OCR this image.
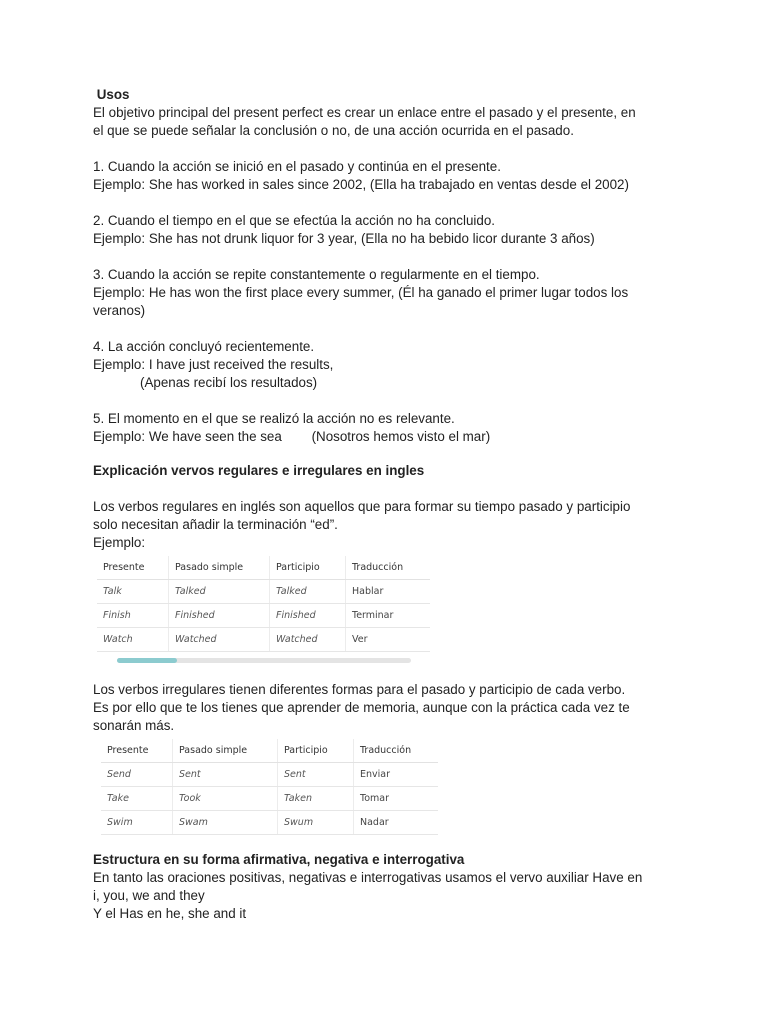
Usos

El objetivo principal del present perfect es crear un enlace entre el pasado y el presente, en

el que se puede señalar la conclusión o no, de una acción ocurrida en el pasado.

1. Cuando la acción se inició en el pasado y continúa en el presente.

Ejemplo: She has worked in sales since 2002, (Ella ha trabajado en ventas desde el 2002)

2. Cuando el tiempo en el que se efectúa la acción no ha concluido.

Ejemplo: She has not drunk liquor for 3 year, (Ella no ha bebido licor durante 3 años)

3. Cuando la acción se repite constantemente o regularmente en el tiempo.

Ejemplo: He has won the first place every summer, (Él ha ganado el primer lugar todos los

veranos)

4. La acción concluyó recientemente.

Ejemplo: I have just received the results,

(Apenas recibí los resultados)

5. El momento en el que se realizó la acción no es relevante.

Ejemplo: We have seen the sea        (Nosotros hemos visto el mar)

Explicación vervos regulares e irregulares en ingles

Los verbos regulares en inglés son aquellos que para formar su tiempo pasado y participio

solo necesitan añadir la terminación “ed”.

Ejemplo:

Presente	Pasado simple	Participio	Traducción
Talk	Talked	Talked	Hablar
Finish	Finished	Finished	Terminar
Watch	Watched	Watched	Ver

Los verbos irregulares tienen diferentes formas para el pasado y participio de cada verbo.

Es por ello que te los tienes que aprender de memoria, aunque con la práctica cada vez te

sonarán más.

Presente	Pasado simple	Participio	Traducción
Send	Sent	Sent	Enviar
Take	Took	Taken	Tomar
Swim	Swam	Swum	Nadar

Estructura en su forma afirmativa, negativa e interrogativa

En tanto las oraciones positivas, negativas e interrogativas usamos el vervo auxiliar Have en

i, you, we and they

Y el Has en he, she and it
